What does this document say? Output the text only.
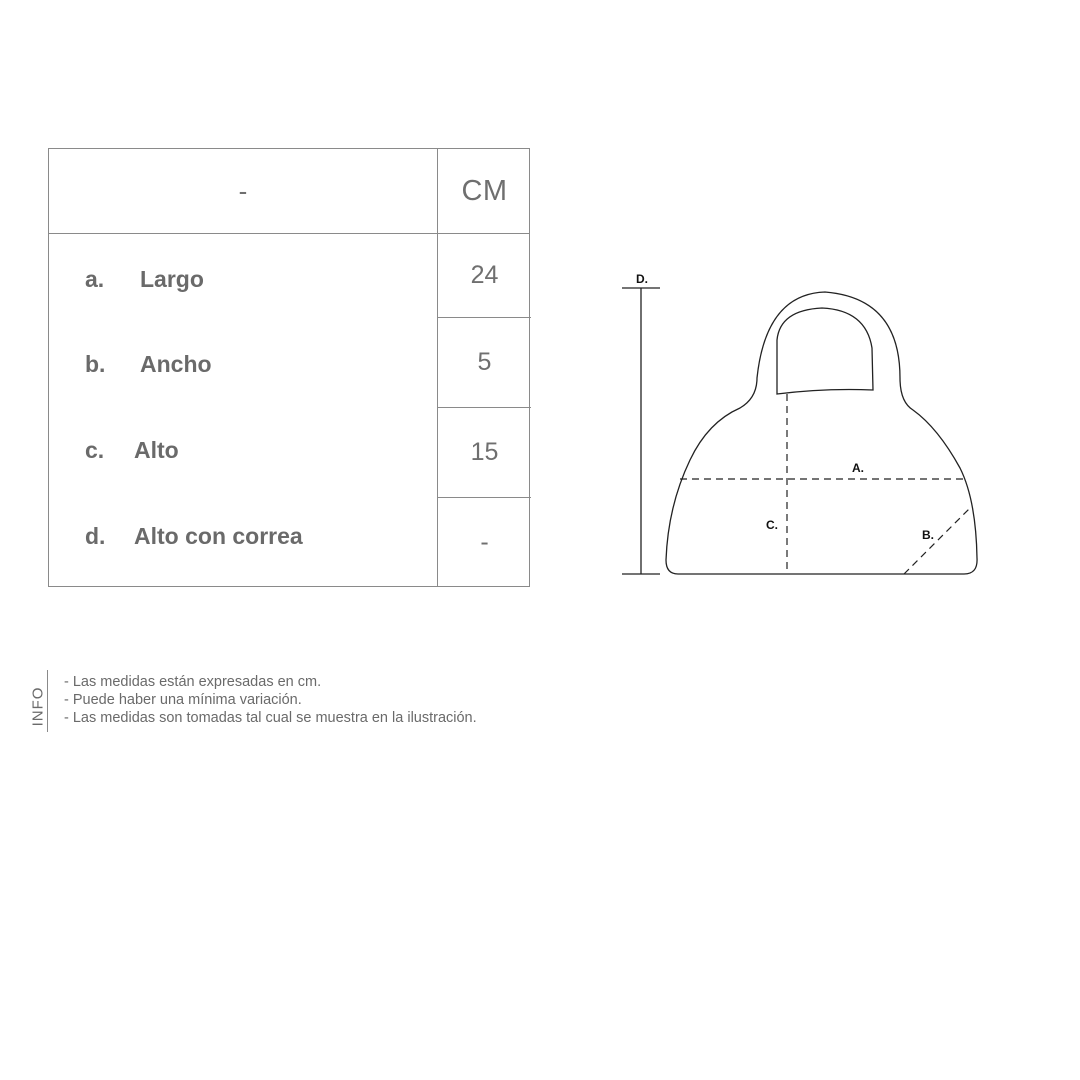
-	CM
a.	Largo	24
b.	Ancho	5
c.	Alto	15
d.	Alto con correa	-
D.
A.
C.
B.
INFO
- Las medidas están expresadas en cm.
- Puede haber una mínima variación.
- Las medidas son tomadas tal cual se muestra en la ilustración.
